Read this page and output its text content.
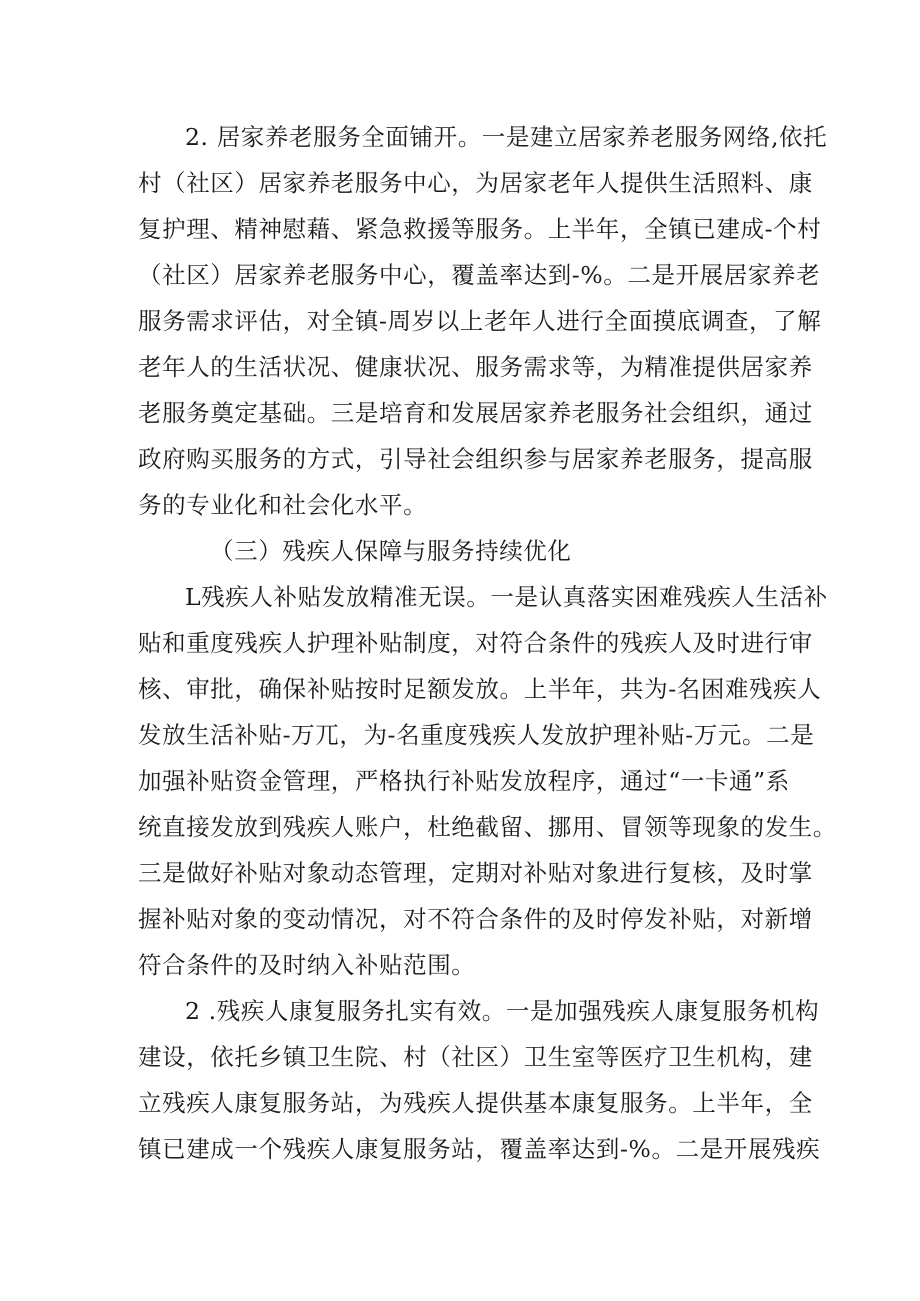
2. 居家养老服务全面铺开。一是建立居家养老服务网络,依托
村（社区）居家养老服务中心，为居家老年人提供生活照料、康
复护理、精神慰藉、紧急救援等服务。上半年，全镇已建成-个村
（社区）居家养老服务中心，覆盖率达到-%。二是开展居家养老
服务需求评估，对全镇-周岁以上老年人进行全面摸底调查，了解
老年人的生活状况、健康状况、服务需求等，为精准提供居家养
老服务奠定基础。三是培育和发展居家养老服务社会组织，通过
政府购买服务的方式，引导社会组织参与居家养老服务，提高服
务的专业化和社会化水平。
（三）残疾人保障与服务持续优化
L残疾人补贴发放精准无误。一是认真落实困难残疾人生活补
贴和重度残疾人护理补贴制度，对符合条件的残疾人及时进行审
核、审批，确保补贴按时足额发放。上半年，共为-名困难残疾人
发放生活补贴-万兀，为-名重度残疾人发放护理补贴-万元。二是
加强补贴资金管理，严格执行补贴发放程序，通过“一卡通”系
统直接发放到残疾人账户，杜绝截留、挪用、冒领等现象的发生。
三是做好补贴对象动态管理，定期对补贴对象进行复核，及时掌
握补贴对象的变动情况，对不符合条件的及时停发补贴，对新增
符合条件的及时纳入补贴范围。
2 .残疾人康复服务扎实有效。一是加强残疾人康复服务机构
建设，依托乡镇卫生院、村（社区）卫生室等医疗卫生机构，建
立残疾人康复服务站，为残疾人提供基本康复服务。上半年，全
镇已建成一个残疾人康复服务站，覆盖率达到-%。二是开展残疾
